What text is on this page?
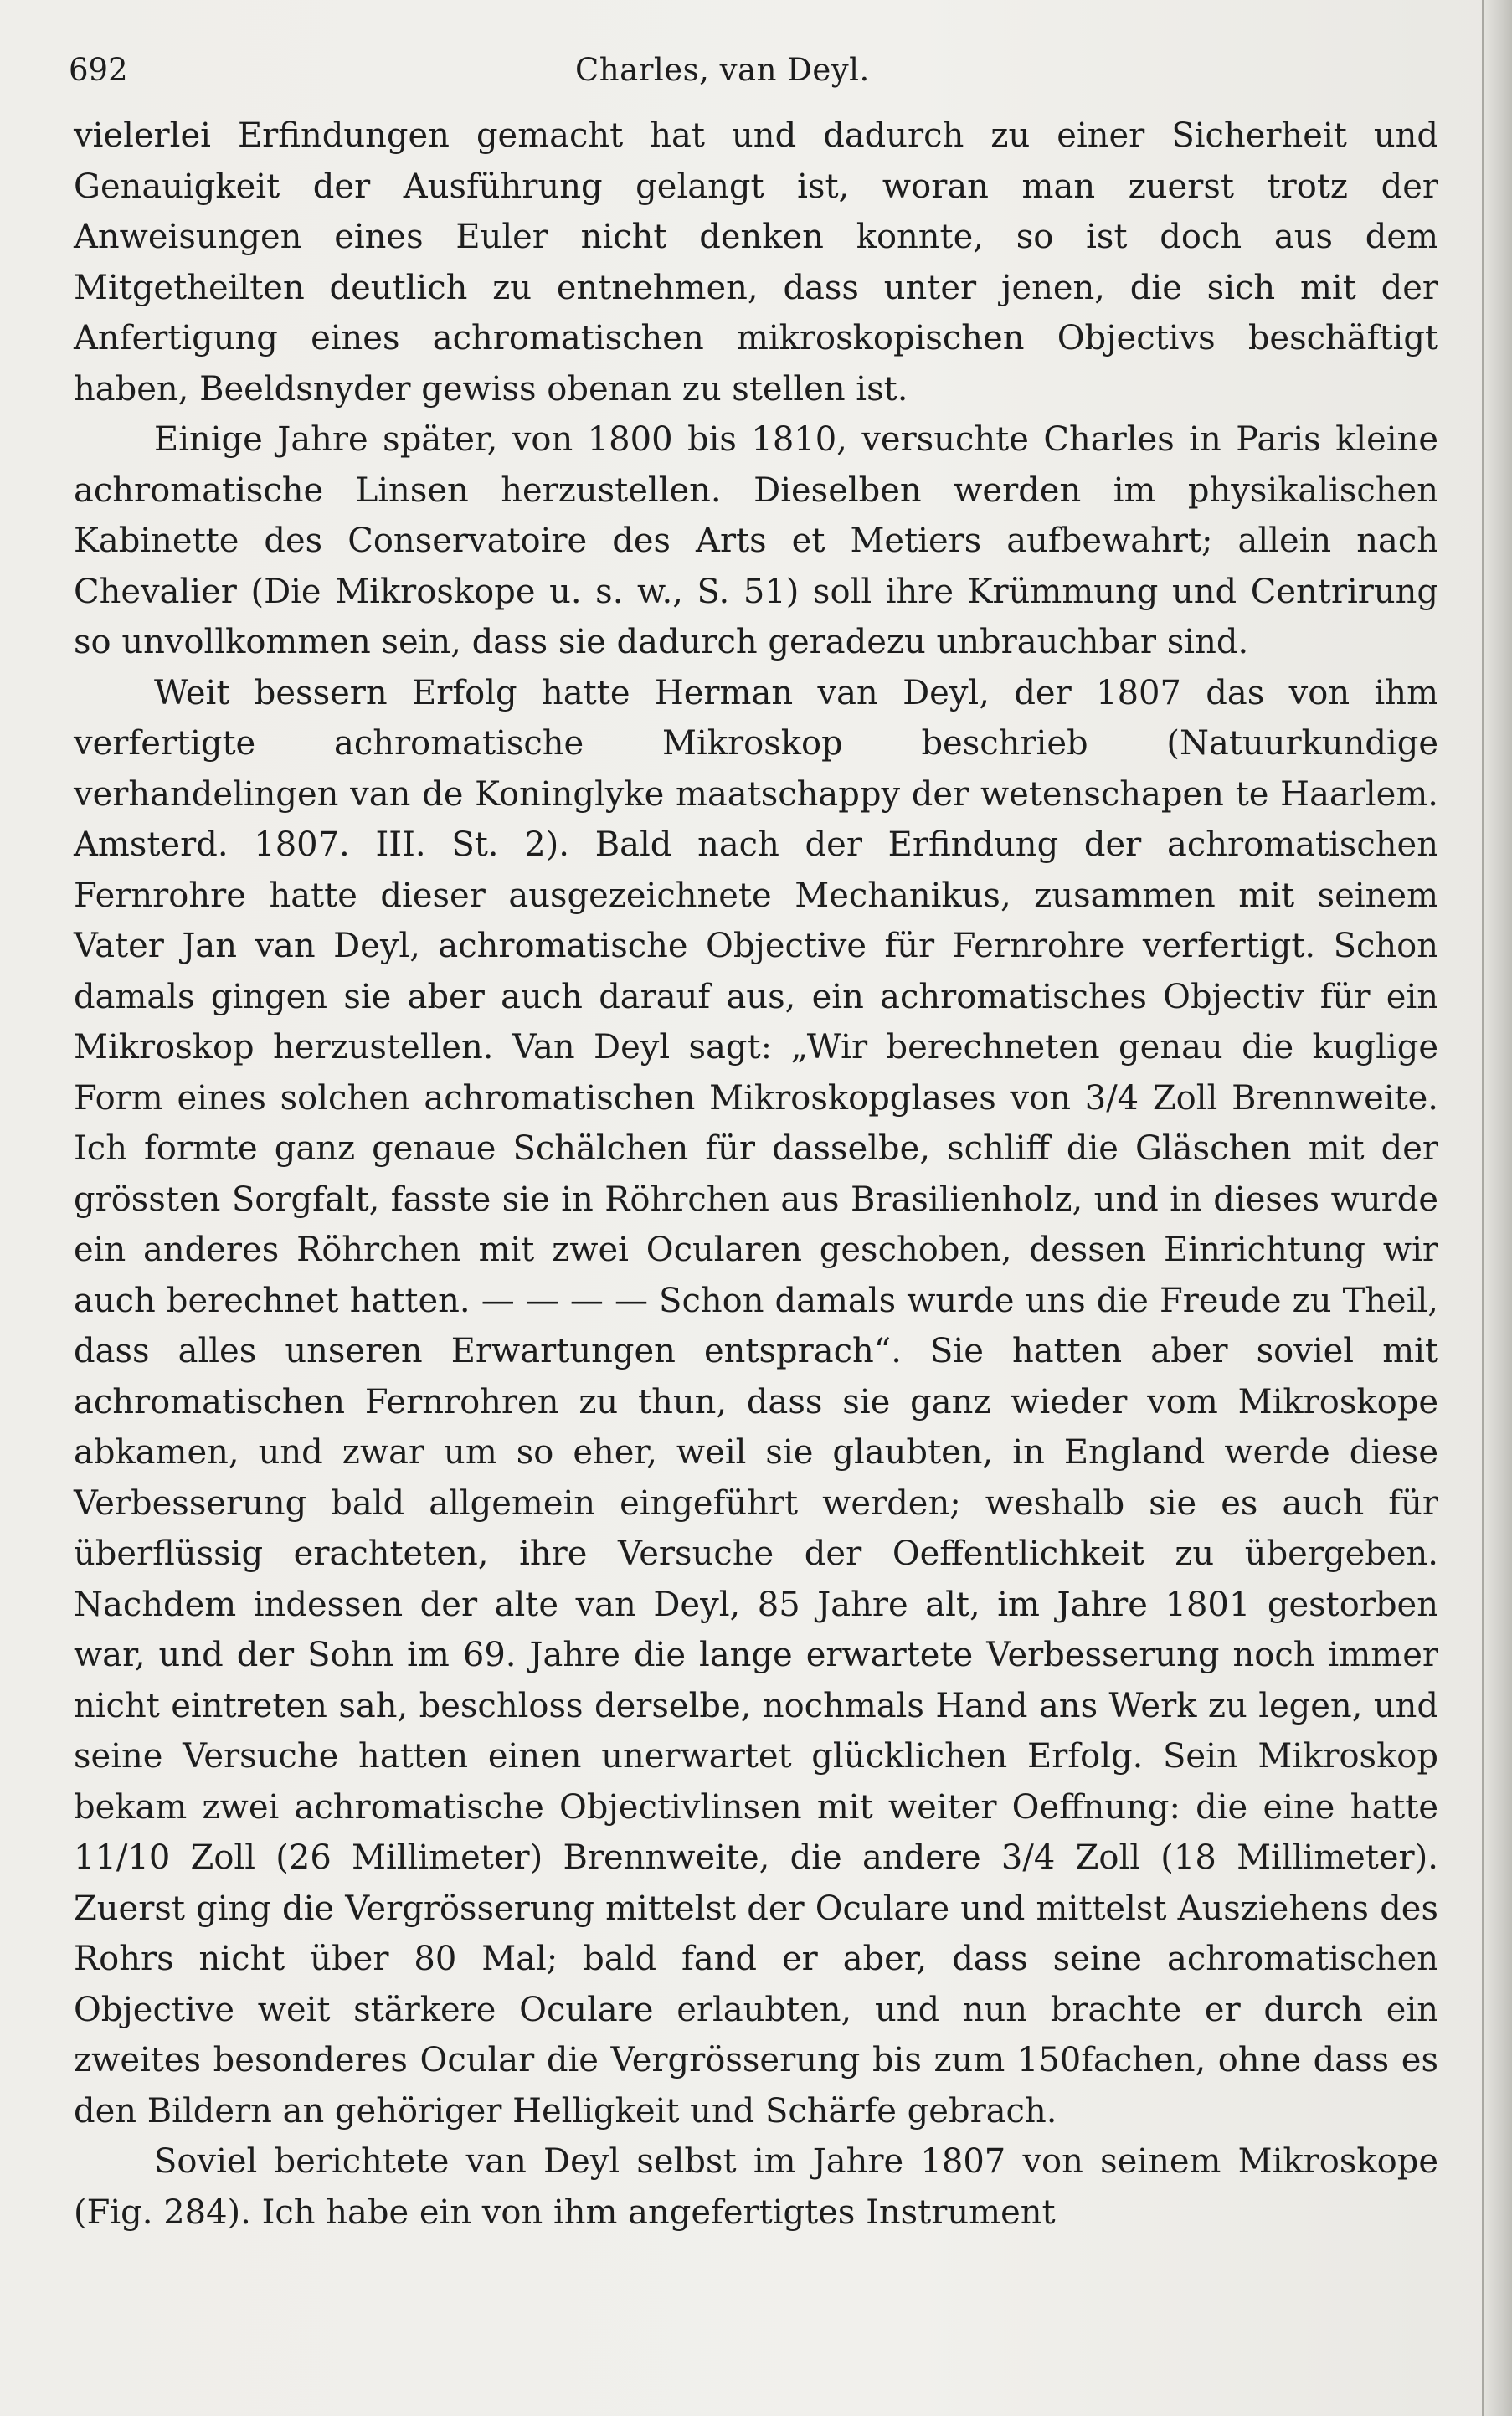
692	Charles, van Deyl.

vielerlei Erfindungen gemacht hat und dadurch zu einer Sicherheit und Genauigkeit der Ausführung gelangt ist, woran man zuerst trotz der Anweisungen eines Euler nicht denken konnte, so ist doch aus dem Mitgetheilten deutlich zu entnehmen, dass unter jenen, die sich mit der Anfertigung eines achromatischen mikroskopischen Objectivs beschäftigt haben, Beeldsnyder gewiss obenan zu stellen ist.

Einige Jahre später, von 1800 bis 1810, versuchte Charles in Paris kleine achromatische Linsen herzustellen. Dieselben werden im physikalischen Kabinette des Conservatoire des Arts et Metiers aufbewahrt; allein nach Chevalier (Die Mikroskope u. s. w., S. 51) soll ihre Krümmung und Centrirung so unvollkommen sein, dass sie dadurch geradezu unbrauchbar sind.

Weit bessern Erfolg hatte Herman van Deyl, der 1807 das von ihm verfertigte achromatische Mikroskop beschrieb (Natuurkundige verhandelingen van de Koninglyke maatschappy der wetenschapen te Haarlem. Amsterd. 1807. III. St. 2). Bald nach der Erfindung der achromatischen Fernrohre hatte dieser ausgezeichnete Mechanikus, zusammen mit seinem Vater Jan van Deyl, achromatische Objective für Fernrohre verfertigt. Schon damals gingen sie aber auch darauf aus, ein achromatisches Objectiv für ein Mikroskop herzustellen. Van Deyl sagt: „Wir berechneten genau die kuglige Form eines solchen achromatischen Mikroskopglases von 3/4 Zoll Brennweite. Ich formte ganz genaue Schälchen für dasselbe, schliff die Gläschen mit der grössten Sorgfalt, fasste sie in Röhrchen aus Brasilienholz, und in dieses wurde ein anderes Röhrchen mit zwei Ocularen geschoben, dessen Einrichtung wir auch berechnet hatten. — — — — Schon damals wurde uns die Freude zu Theil, dass alles unseren Erwartungen entsprach“. Sie hatten aber soviel mit achromatischen Fernrohren zu thun, dass sie ganz wieder vom Mikroskope abkamen, und zwar um so eher, weil sie glaubten, in England werde diese Verbesserung bald allgemein eingeführt werden; weshalb sie es auch für überflüssig erachteten, ihre Versuche der Oeffentlichkeit zu übergeben. Nachdem indessen der alte van Deyl, 85 Jahre alt, im Jahre 1801 gestorben war, und der Sohn im 69. Jahre die lange erwartete Verbesserung noch immer nicht eintreten sah, beschloss derselbe, nochmals Hand ans Werk zu legen, und seine Versuche hatten einen unerwartet glücklichen Erfolg. Sein Mikroskop bekam zwei achromatische Objectivlinsen mit weiter Oeffnung: die eine hatte 11/10 Zoll (26 Millimeter) Brennweite, die andere 3/4 Zoll (18 Millimeter). Zuerst ging die Vergrösserung mittelst der Oculare und mittelst Ausziehens des Rohrs nicht über 80 Mal; bald fand er aber, dass seine achromatischen Objective weit stärkere Oculare erlaubten, und nun brachte er durch ein zweites besonderes Ocular die Vergrösserung bis zum 150fachen, ohne dass es den Bildern an gehöriger Helligkeit und Schärfe gebrach.

Soviel berichtete van Deyl selbst im Jahre 1807 von seinem Mikroskope (Fig. 284). Ich habe ein von ihm angefertigtes Instrument
